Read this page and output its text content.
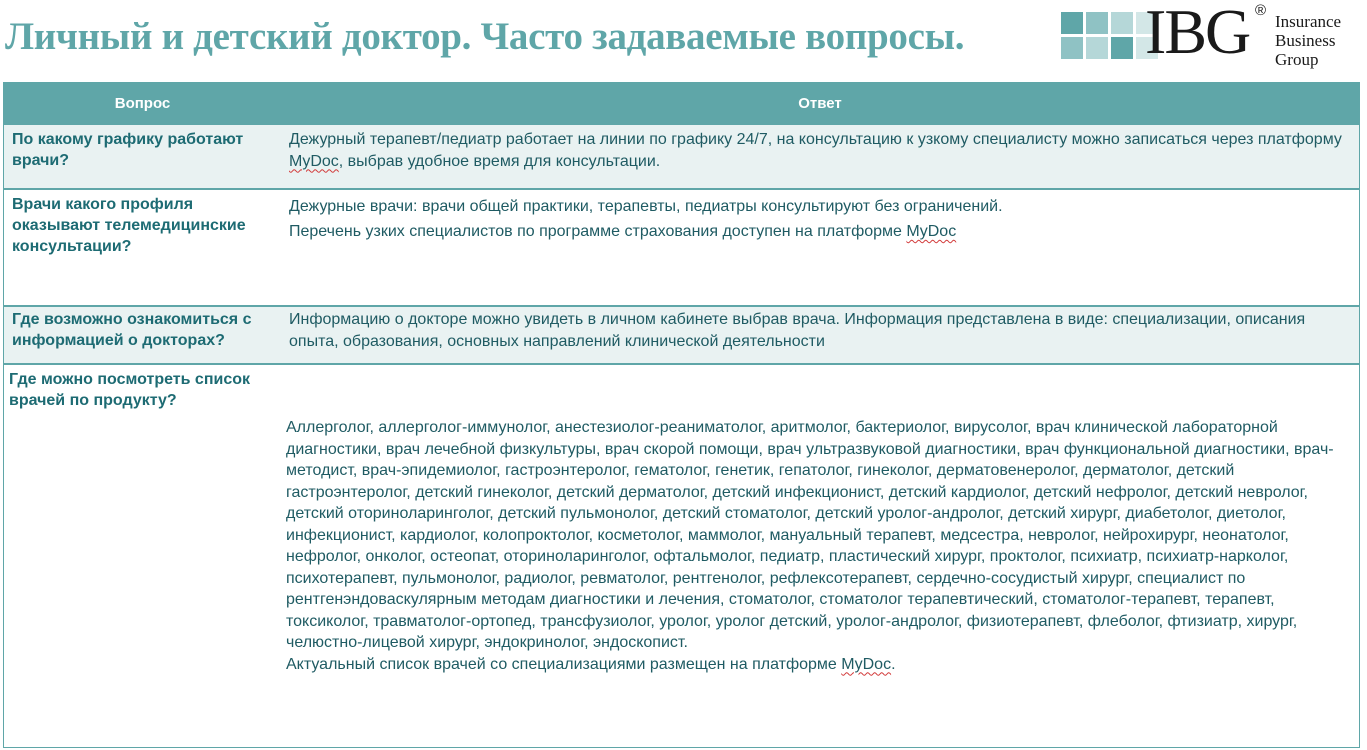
Личный и детский доктор. Часто задаваемые вопросы.	IBG ®
Insurance
Business
Group
Вопрос	Ответ
По какому графику работают врачи?

Дежурный терапевт/педиатр работает на линии по графику 24/7, на консультацию к узкому специалисту можно записаться через платформу MyDoc, выбрав удобное время для консультации.

Врачи какого профиля оказывают телемедицинские консультации?

Дежурные врачи: врачи общей практики, терапевты, педиатры консультируют без ограничений.

Перечень узких специалистов по программе страхования доступен на платформе MyDoc

Где возможно ознакомиться с информацией о докторах?
Информацию о докторе можно увидеть в личном кабинете выбрав врача. Информация представлена в виде: специализации, описания опыта, образования, основных направлений клинической деятельности
Где можно посмотреть список врачей по продукту?

Аллерголог, аллерголог-иммунолог, анестезиолог-реаниматолог, аритмолог, бактериолог, вирусолог, врач клинической лабораторной диагностики, врач лечебной физкультуры, врач скорой помощи, врач ультразвуковой диагностики, врач функциональной диагностики, врач-методист, врач-эпидемиолог, гастроэнтеролог, гематолог, генетик, гепатолог, гинеколог, дерматовенеролог, дерматолог, детский гастроэнтеролог, детский гинеколог, детский дерматолог, детский инфекционист, детский кардиолог, детский нефролог, детский невролог, детский оториноларинголог, детский пульмонолог, детский стоматолог, детский уролог-андролог, детский хирург, диабетолог, диетолог, инфекционист, кардиолог, колопроктолог, косметолог, маммолог, мануальный терапевт, медсестра, невролог, нейрохирург, неонатолог, нефролог, онколог, остеопат, оториноларинголог, офтальмолог, педиатр, пластический хирург, проктолог, психиатр, психиатр-нарколог, психотерапевт, пульмонолог, радиолог, ревматолог, рентгенолог, рефлексотерапевт, сердечно-сосудистый хирург, специалист по рентгенэндоваскулярным методам диагностики и лечения, стоматолог, стоматолог терапевтический, стоматолог-терапевт, терапевт, токсиколог, травматолог-ортопед, трансфузиолог, уролог, уролог детский, уролог-андролог, физиотерапевт, флеболог, фтизиатр, хирург, челюстно-лицевой хирург, эндокринолог, эндоскопист.

Актуальный список врачей со специализациями размещен на платформе MyDoc.
